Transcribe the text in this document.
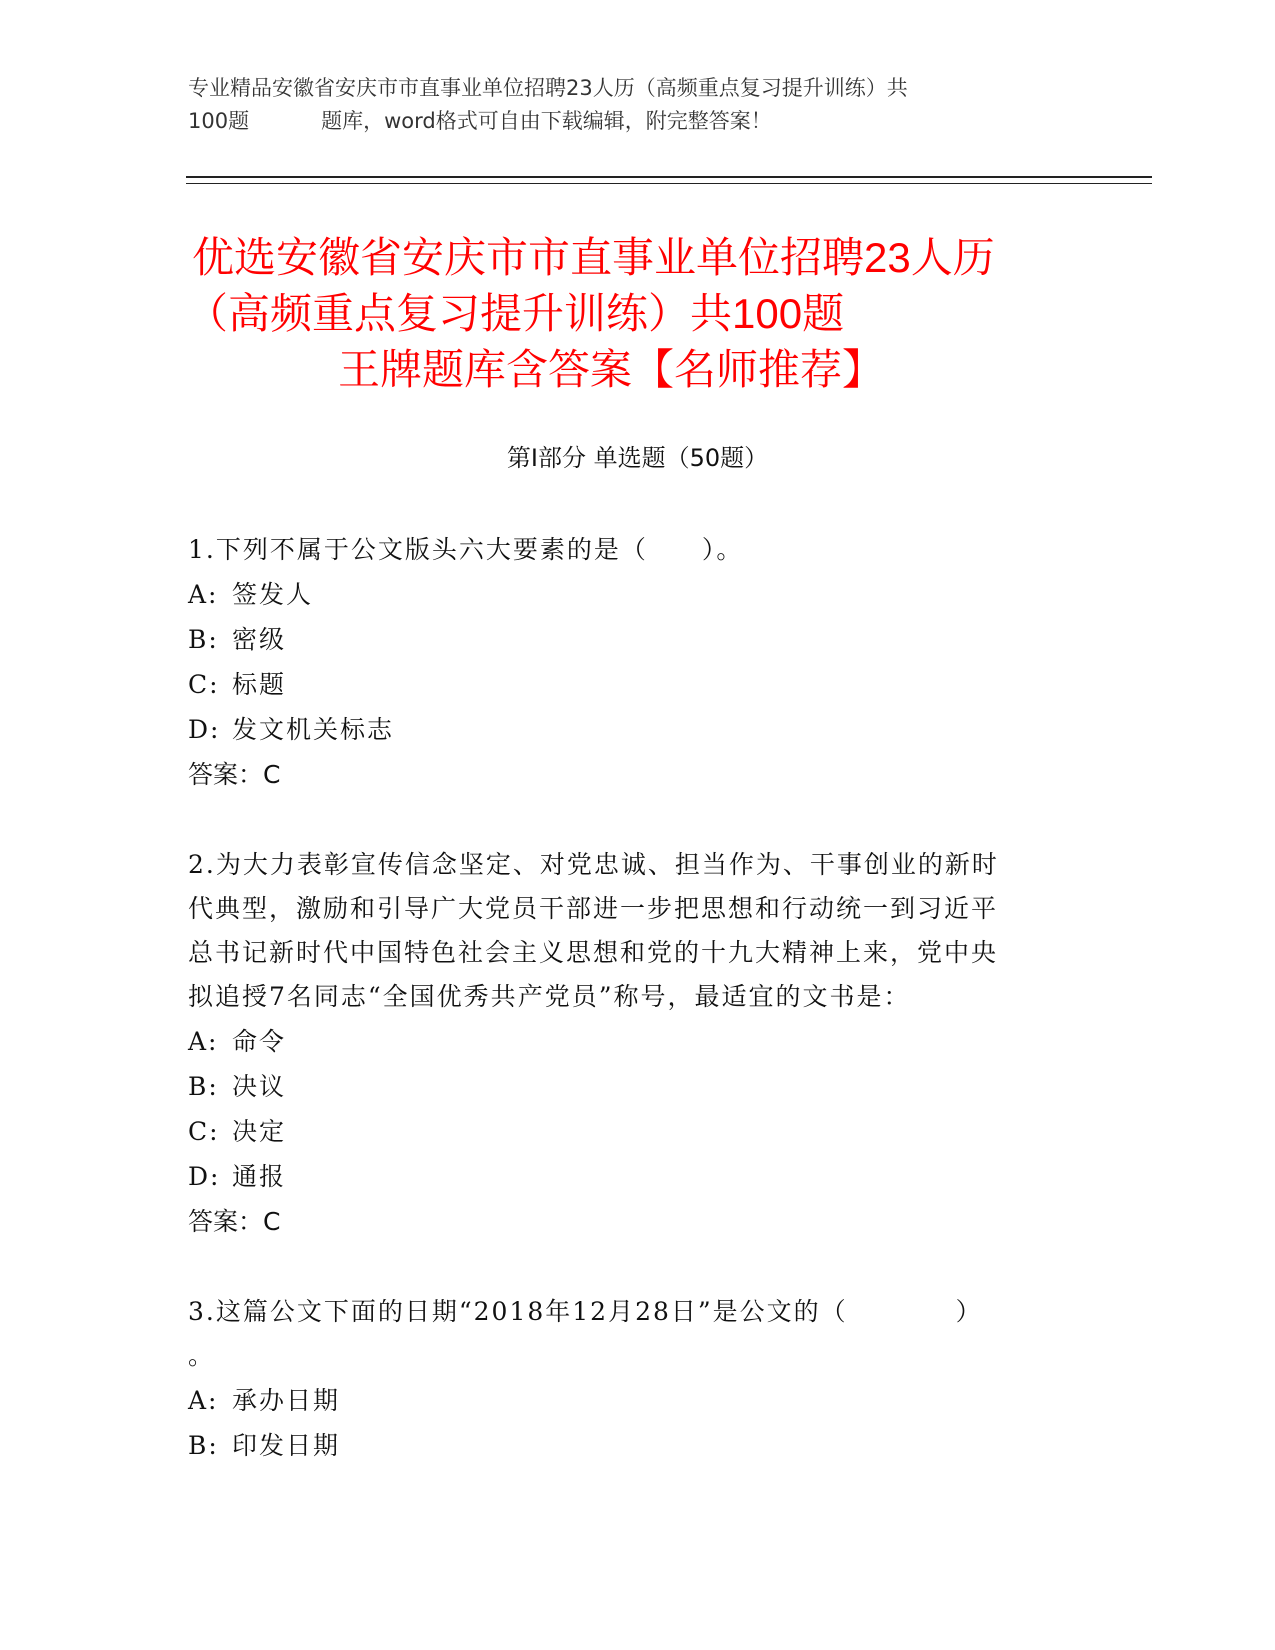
专业精品安徽省安庆市市直事业单位招聘23人历（高频重点复习提升训练）共
100题	题库，word格式可自由下载编辑，附完整答案！
优选安徽省安庆市市直事业单位招聘23人历
（高频重点复习提升训练）共100题
王牌题库含答案【名师推荐】
第Ⅰ部分 单选题（50题）
1.下列不属于公文版头六大要素的是（　　）。
A: 签发人
B: 密级
C: 标题
D: 发文机关标志
答案：C
2.为大力表彰宣传信念坚定、对党忠诚、担当作为、干事创业的新时
代典型，激励和引导广大党员干部进一步把思想和行动统一到习近平
总书记新时代中国特色社会主义思想和党的十九大精神上来，党中央
拟追授7名同志“全国优秀共产党员”称号，最适宜的文书是：
A: 命令
B: 决议
C: 决定
D: 通报
答案：C
3.这篇公文下面的日期“2018年12月28日”是公文的（　　　　）
。
A: 承办日期
B: 印发日期
